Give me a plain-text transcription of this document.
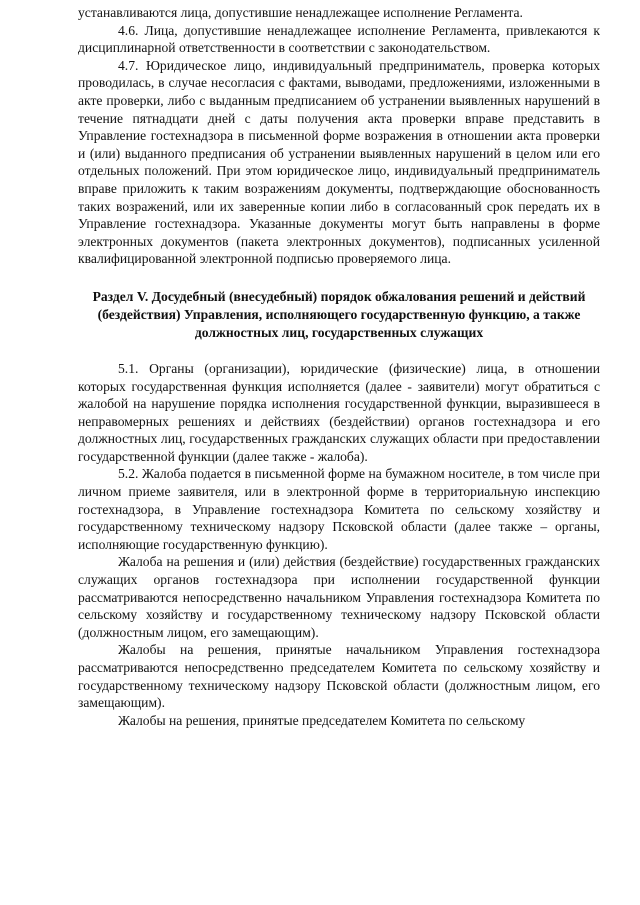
устанавливаются лица, допустившие ненадлежащее исполнение Регламента.

4.6. Лица, допустившие ненадлежащее исполнение Регламента, привлекаются к дисциплинарной ответственности в соответствии с законодательством.

4.7. Юридическое лицо, индивидуальный предприниматель, проверка которых проводилась, в случае несогласия с фактами, выводами, предложениями, изложенными в акте проверки, либо с выданным предписанием об устранении выявленных нарушений в течение пятнадцати дней с даты получения акта проверки вправе представить в Управление гостехнадзора в письменной форме возражения в отношении акта проверки и (или) выданного предписания об устранении выявленных нарушений в целом или его отдельных положений. При этом юридическое лицо, индивидуальный предприниматель вправе приложить к таким возражениям документы, подтверждающие обоснованность таких возражений, или их заверенные копии либо в согласованный срок передать их в Управление гостехнадзора. Указанные документы могут быть направлены в форме электронных документов (пакета электронных документов), подписанных усиленной квалифицированной электронной подписью проверяемого лица.

Раздел V. Досудебный (внесудебный) порядок обжалования решений и действий (бездействия) Управления, исполняющего государственную функцию, а также должностных лиц, государственных служащих

5.1. Органы (организации), юридические (физические) лица, в отношении которых государственная функция исполняется (далее - заявители) могут обратиться с жалобой на нарушение порядка исполнения государственной функции, выразившееся в неправомерных решениях и действиях (бездействии) органов гостехнадзора и его должностных лиц, государственных гражданских служащих области при предоставлении государственной функции (далее также - жалоба).

5.2. Жалоба подается в письменной форме на бумажном носителе, в том числе при личном приеме заявителя, или в электронной форме в территориальную инспекцию гостехнадзора, в Управление гостехнадзора Комитета по сельскому хозяйству и государственному техническому надзору Псковской области (далее также – органы, исполняющие государственную функцию).

Жалоба на решения и (или) действия (бездействие) государственных гражданских служащих органов гостехнадзора при исполнении государственной функции рассматриваются непосредственно начальником Управления гостехнадзора Комитета по сельскому хозяйству и государственному техническому надзору Псковской области (должностным лицом, его замещающим).

Жалобы на решения, принятые начальником Управления гостехнадзора рассматриваются непосредственно председателем Комитета по сельскому хозяйству и государственному техническому надзору Псковской области (должностным лицом, его замещающим).

Жалобы на решения, принятые председателем Комитета по сельскому
